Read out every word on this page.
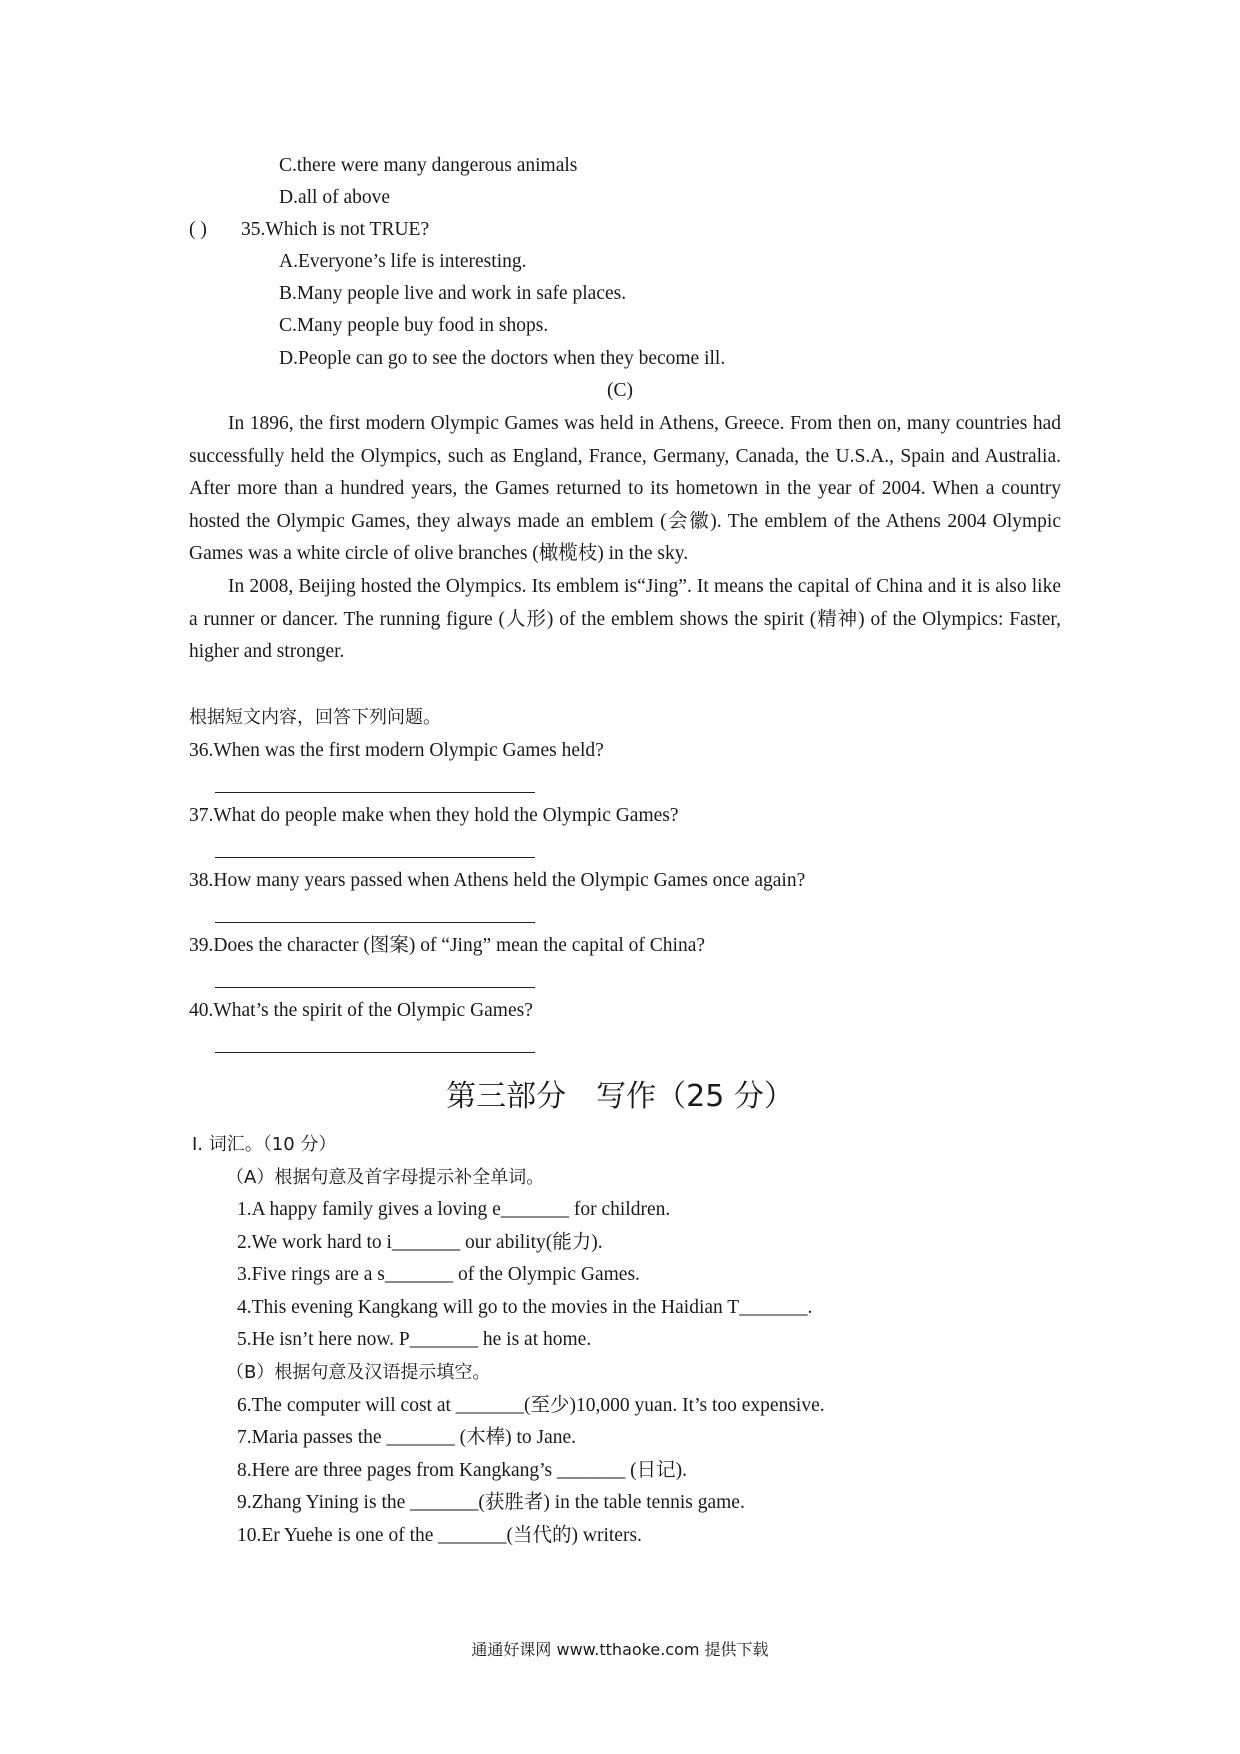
C.there were many dangerous animals
D.all of above
( ) 35.Which is not TRUE?
A.Everyone’s life is interesting.
B.Many people live and work in safe places.
C.Many people buy food in shops.
D.People can go to see the doctors when they become ill.
(C)

In 1896, the first modern Olympic Games was held in Athens, Greece. From then on, many countries had successfully held the Olympics, such as England, France, Germany, Canada, the U.S.A., Spain and Australia. After more than a hundred years, the Games returned to its hometown in the year of 2004. When a country hosted the Olympic Games, they always made an emblem (会徽). The emblem of the Athens 2004 Olympic Games was a white circle of olive branches (橄榄枝) in the sky.

In 2008, Beijing hosted the Olympics. Its emblem is“Jing”. It means the capital of China and it is also like a runner or dancer. The running figure (人形) of the emblem shows the spirit (精神) of the Olympics: Faster, higher and stronger.

根据短文内容，回答下列问题。
36.When was the first modern Olympic Games held?
37.What do people make when they hold the Olympic Games?
38.How many years passed when Athens held the Olympic Games once again?
39.Does the character (图案) of “Jing” mean the capital of China?
40.What’s the spirit of the Olympic Games?
第三部分　写作（25 分）
Ⅰ. 词汇。（10 分）
（A）根据句意及首字母提示补全单词。
1.A happy family gives a loving e_______ for children.
2.We work hard to i_______ our ability(能力).
3.Five rings are a s_______ of the Olympic Games.
4.This evening Kangkang will go to the movies in the Haidian T_______.
5.He isn’t here now. P_______ he is at home.
（B）根据句意及汉语提示填空。
6.The computer will cost at _______(至少)10,000 yuan. It’s too expensive.
7.Maria passes the _______ (木棒) to Jane.
8.Here are three pages from Kangkang’s _______ (日记).
9.Zhang Yining is the _______(获胜者) in the table tennis game.
10.Er Yuehe is one of the _______(当代的) writers.
通通好课网 www.tthaoke.com 提供下载
